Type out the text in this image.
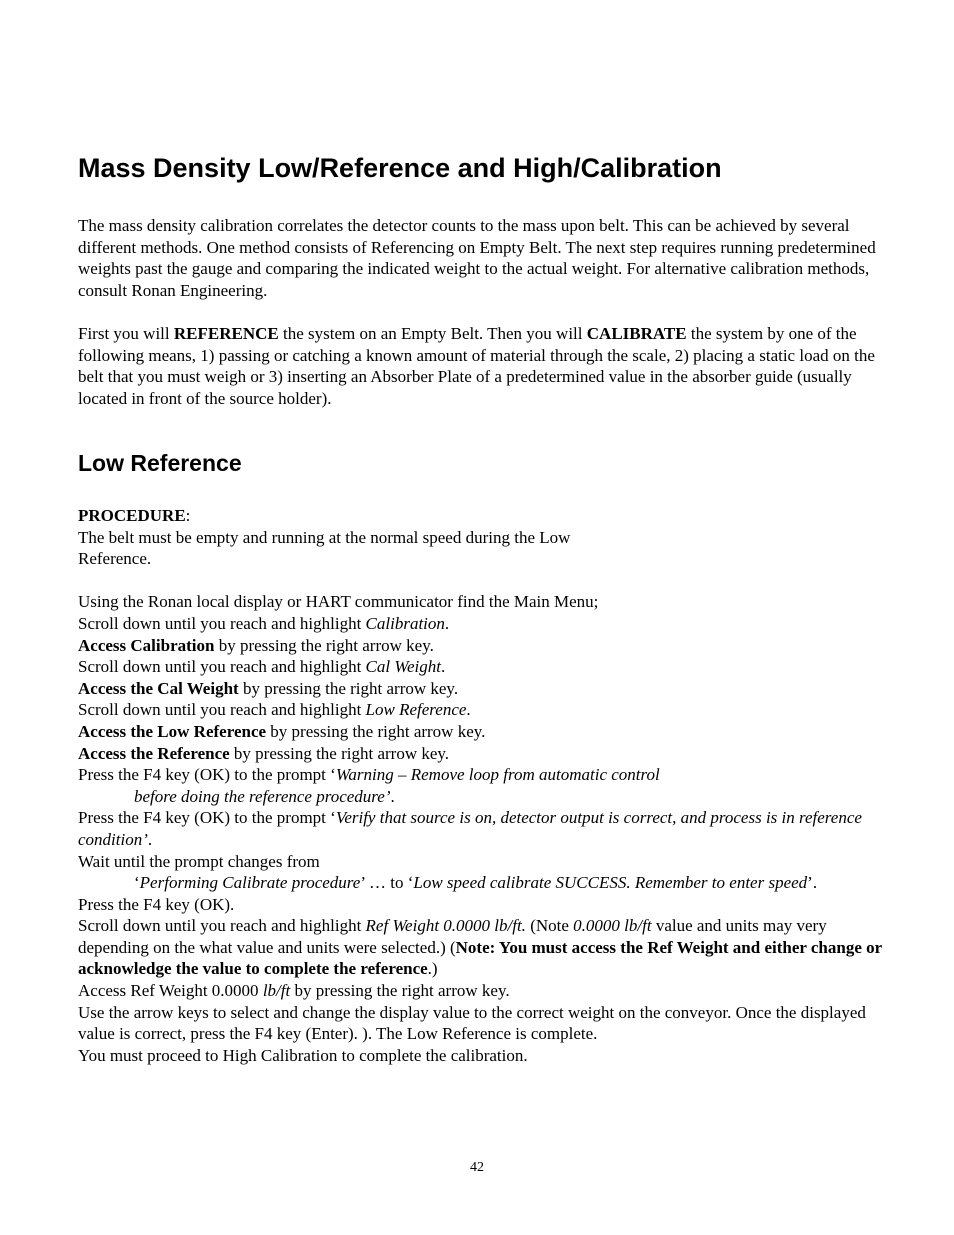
Mass Density Low/Reference and High/Calibration

The mass density calibration correlates the detector counts to the mass upon belt. This can be achieved by several different methods. One method consists of Referencing on Empty Belt. The next step requires running predetermined weights past the gauge and comparing the indicated weight to the actual weight. For alternative calibration methods, consult Ronan Engineering.

First you will REFERENCE the system on an Empty Belt. Then you will CALIBRATE the system by one of the following means, 1) passing or catching a known amount of material through the scale, 2) placing a static load on the belt that you must weigh or 3) inserting an Absorber Plate of a predetermined value in the absorber guide (usually located in front of the source holder).

Low Reference
PROCEDURE:
The belt must be empty and running at the normal speed during the Low
Reference.

Using the Ronan local display or HART communicator find the Main Menu;
Scroll down until you reach and highlight Calibration.
Access Calibration by pressing the right arrow key.
Scroll down until you reach and highlight Cal Weight.
Access the Cal Weight by pressing the right arrow key.
Scroll down until you reach and highlight Low Reference.
Access the Low Reference by pressing the right arrow key.
Access the Reference by pressing the right arrow key.
Press the F4 key (OK) to the prompt ‘Warning – Remove loop from automatic control
before doing the reference procedure’.
Press the F4 key (OK) to the prompt ‘Verify that source is on, detector output is correct, and process is in reference condition’.
Wait until the prompt changes from
‘Performing Calibrate procedure’ … to ‘Low speed calibrate SUCCESS. Remember to enter speed’.
Press the F4 key (OK).
Scroll down until you reach and highlight Ref Weight 0.0000 lb/ft. (Note 0.0000 lb/ft value and units may very depending on the what value and units were selected.) (Note: You must access the Ref Weight and either change or acknowledge the value to complete the reference.)
Access Ref Weight 0.0000 lb/ft by pressing the right arrow key.
Use the arrow keys to select and change the display value to the correct weight on the conveyor. Once the displayed value is correct, press the F4 key (Enter). ). The Low Reference is complete.
You must proceed to High Calibration to complete the calibration.
42
